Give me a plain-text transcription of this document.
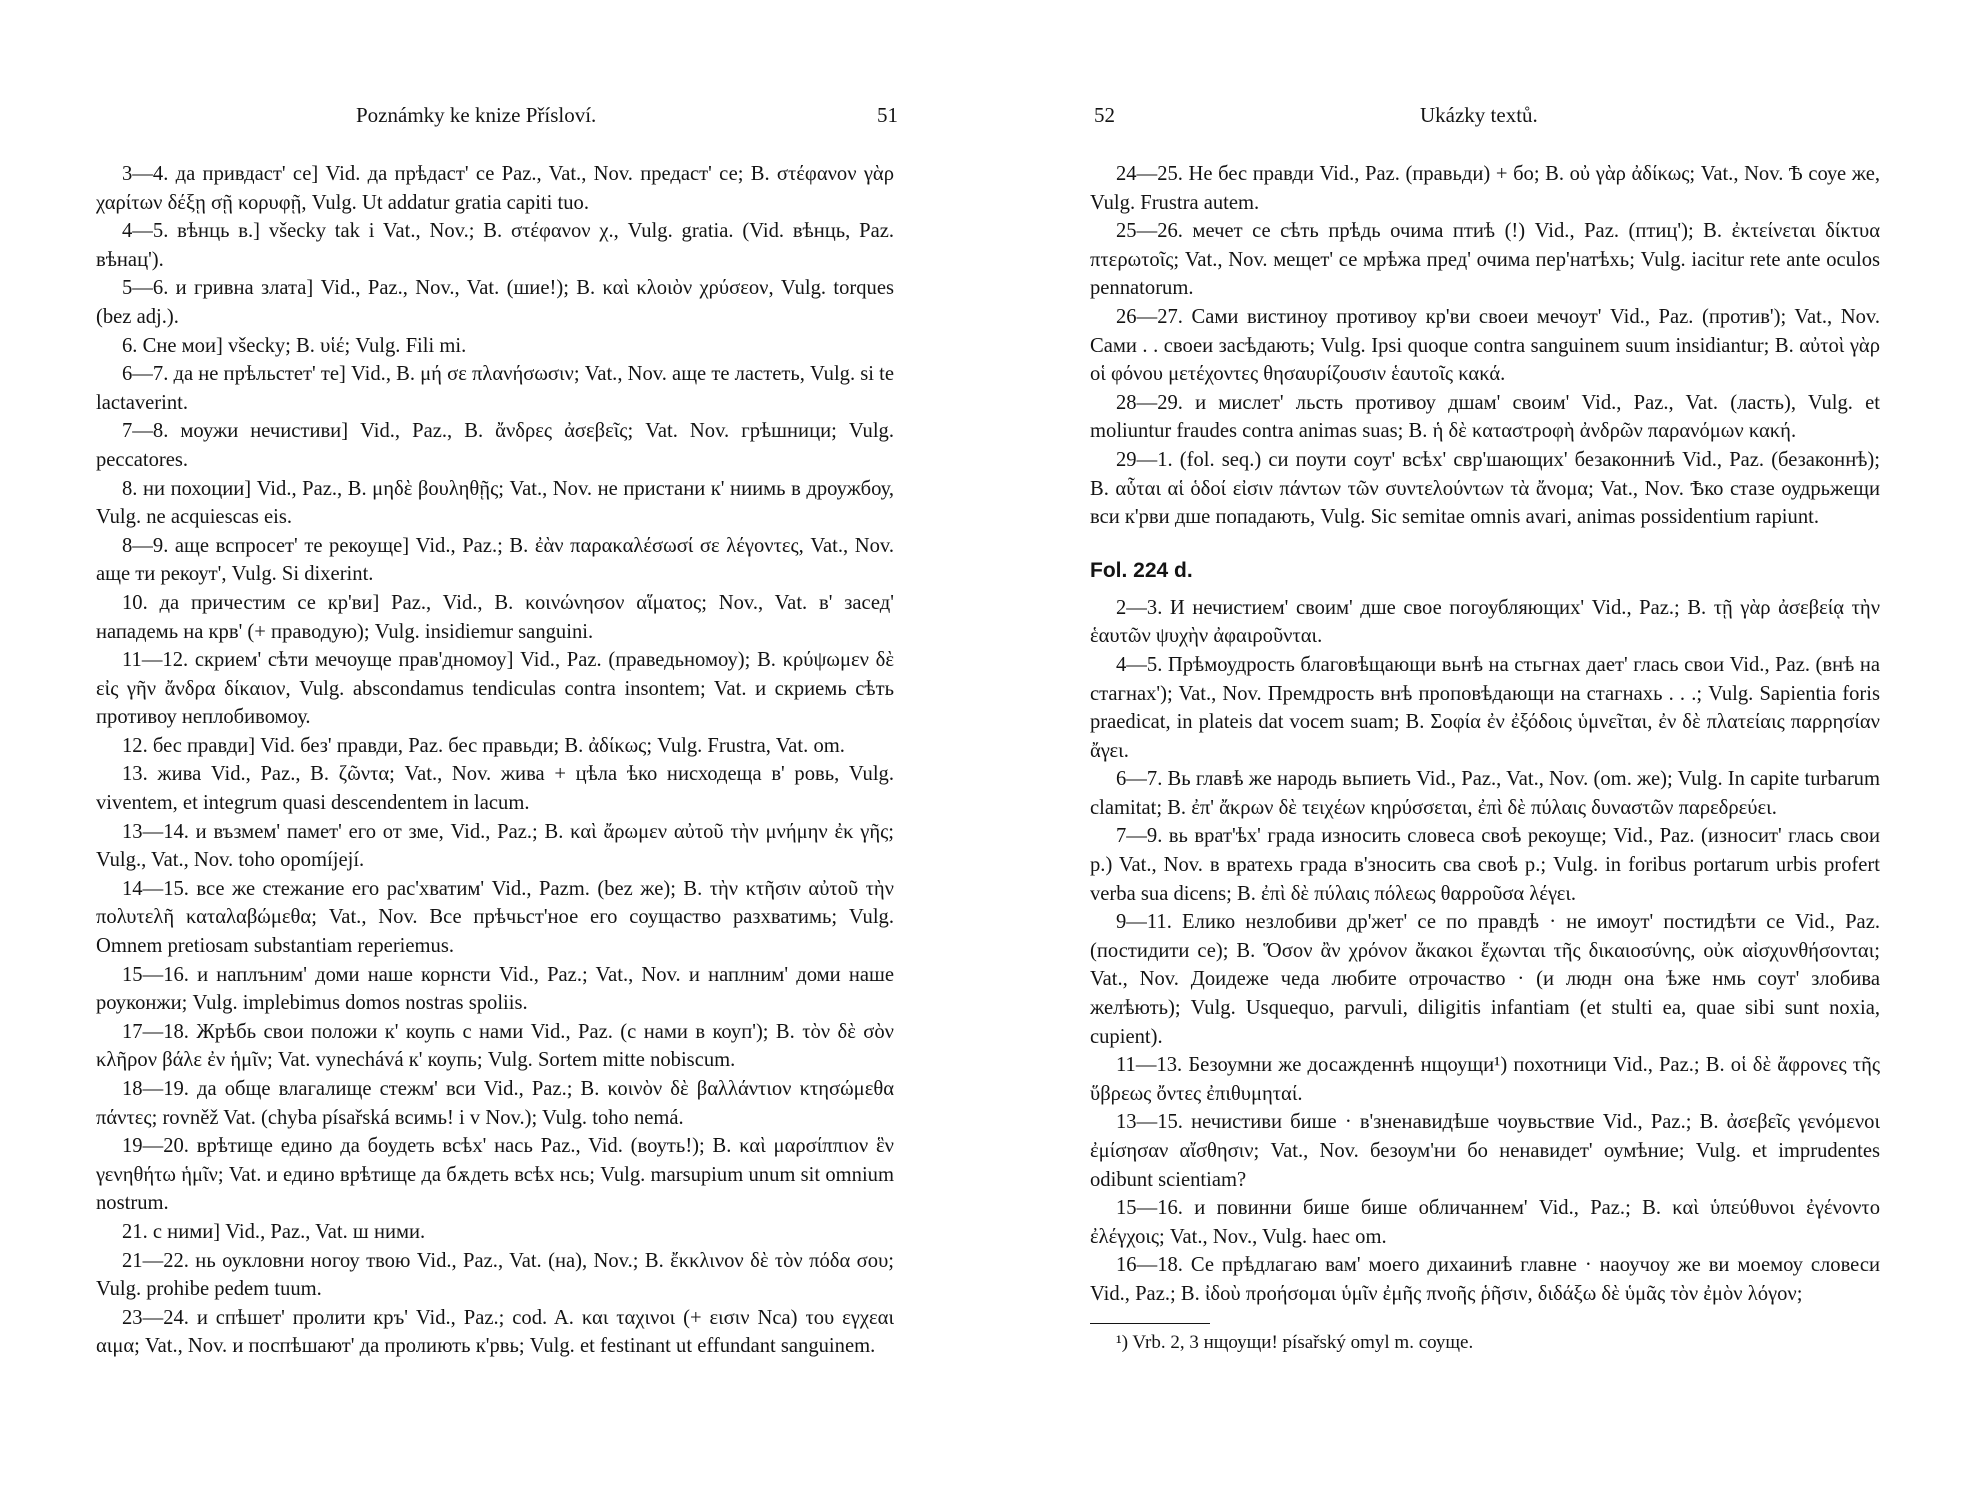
Poznámky ke knize Přísloví.	51

3—4. да привдаст' се] Vid. да прѣдаст' се Paz., Vat., Nov. предаст' се; B. στέφανον γὰρ χαρίτων δέξῃ σῇ κορυφῇ, Vulg. Ut addatur gratia capiti tuo.

4—5. вѣнць в.] všecky tak i Vat., Nov.; B. στέφανον χ., Vulg. gratia. (Vid. вѣнць, Paz. вѣнац').

5—6. и гривна злата] Vid., Paz., Nov., Vat. (шие!); B. καὶ κλοιὸν χρύσεον, Vulg. torques (bez adj.).

6. Сне мои] všecky; B. υἱέ; Vulg. Fili mi.

6—7. да не прѣльстет' те] Vid., B. μή σε πλανήσωσιν; Vat., Nov. аще те ластеть, Vulg. si te lactaverint.

7—8. моужи нечистиви] Vid., Paz., B. ἄνδρες ἀσεβεῖς; Vat. Nov. грѣшници; Vulg. peccatores.

8. ни похоции] Vid., Paz., B. μηδὲ βουληθῇς; Vat., Nov. не пристани к' ниимь в дроужбоу, Vulg. ne acquiescas eis.

8—9. аще вспросет' те рекоуще] Vid., Paz.; B. ἐὰν παρακαλέσωσί σε λέγοντες, Vat., Nov. аще ти рекоут', Vulg. Si dixerint.

10. да причестим се кр'ви] Paz., Vid., B. κοινώνησον αἵματος; Nov., Vat. в' засед' нападемь на крв' (+ праводую); Vulg. insidiemur sanguini.

11—12. скрием' сѣти мечоуще прав'дномоу] Vid., Paz. (праведьномоу); B. κρύψωμεν δὲ εἰς γῆν ἄνδρα δίκαιον, Vulg. abscondamus tendiculas contra insontem; Vat. и скриемь сѣть противоу неплобивомоу.

12. бес правди] Vid. без' правди, Paz. бес правьди; B. ἀδίκως; Vulg. Frustra, Vat. om.

13. жива Vid., Paz., B. ζῶντα; Vat., Nov. жива + цѣла ѣко нисходеща в' ровь, Vulg. viventem, et integrum quasi descendentem in lacum.

13—14. и възмем' памет' его от зме, Vid., Paz.; B. καὶ ἄρωμεν αὐτοῦ τὴν μνήμην ἐκ γῆς; Vulg., Vat., Nov. toho opomíjejí.

14—15. все же стежание его рас'хватим' Vid., Pazm. (bez же); B. τὴν κτῆσιν αὐτοῦ τὴν πολυτελῆ καταλαβώμεθα; Vat., Nov. Все прѣчьст'ное его соущаство разхватимь; Vulg. Omnem pretiosam substantiam reperiemus.

15—16. и наплъним' доми наше корнсти Vid., Paz.; Vat., Nov. и наплним' доми наше роуконжи; Vulg. implebimus domos nostras spoliis.

17—18. Жрѣбь свои положи к' коупь с нами Vid., Paz. (с нами в коуп'); B. τὸν δὲ σὸν κλῆρον βάλε ἐν ἡμῖν; Vat. vynechává к' коупь; Vulg. Sortem mitte nobiscum.

18—19. да обще влагалище стежм' вси Vid., Paz.; B. κοινὸν δὲ βαλλάντιον κτησώμεθα πάντες; rovněž Vat. (chyba písařská всимь! i v Nov.); Vulg. toho nemá.

19—20. врѣтище едино да боудеть всѣх' нась Paz., Vid. (воуть!); B. καὶ μαρσίππιον ἓν γενηθήτω ἡμῖν; Vat. и едино врѣтище да бѫдеть всѣх нсь; Vulg. marsupium unum sit omnium nostrum.

21. с ними] Vid., Paz., Vat. ш ними.

21—22. нь оукловни ногоу твою Vid., Paz., Vat. (на), Nov.; B. ἔκκλινον δὲ τὸν πόδα σου; Vulg. prohibe pedem tuum.

23—24. и спѣшет' пролити кръ' Vid., Paz.; cod. A. και ταχινοι (+ εισιν Nca) του εγχεαι αιμα; Vat., Nov. и поспѣшают' да пролиють к'рвь; Vulg. et festinant ut effundant sanguinem.

52	Ukázky textů.

24—25. Не бес правди Vid., Paz. (правьди) + бо; B. οὐ γὰρ ἀδίκως; Vat., Nov. Ѣ соуе же, Vulg. Frustra autem.

25—26. мечет се сѣть прѣдь очима птиѣ (!) Vid., Paz. (птиц'); B. ἐκτείνεται δίκτυα πτερωτοῖς; Vat., Nov. мещет' се мрѣжа пред' очима пер'натѣхь; Vulg. iacitur rete ante oculos pennatorum.

26—27. Сами вистиноу противоу кр'ви своеи мечоут' Vid., Paz. (против'); Vat., Nov. Сами . . своеи засѣдають; Vulg. Ipsi quoque contra sanguinem suum insidiantur; B. αὐτοὶ γὰρ οἱ φόνου μετέχοντες θησαυρίζουσιν ἑαυτοῖς κακά.

28—29. и мислет' льсть противоу дшам' своим' Vid., Paz., Vat. (ласть), Vulg. et moliuntur fraudes contra animas suas; B. ἡ δὲ καταστροφὴ ἀνδρῶν παρανόμων κακή.

29—1. (fol. seq.) си поути соут' всѣх' свр'шающих' безаконниѣ Vid., Paz. (безаконнѣ); B. αὗται αἱ ὁδοί εἰσιν πάντων τῶν συντελούντων τὰ ἄνομα; Vat., Nov. Ѣко стазе оудрьжещи вси к'рви дше попадають, Vulg. Sic semitae omnis avari, animas possidentium rapiunt.

Fol. 224 d.

2—3. И нечистием' своим' дше свое погоубляющих' Vid., Paz.; B. τῇ γὰρ ἀσεβείᾳ τὴν ἑαυτῶν ψυχὴν ἀφαιροῦνται.

4—5. Прѣмоудрость благовѣщающи вьнѣ на стьгнах дает' глась свои Vid., Paz. (внѣ на стагнах'); Vat., Nov. Премдрость внѣ проповѣдающи на стагнахь . . .; Vulg. Sapientia foris praedicat, in plateis dat vocem suam; B. Σοφία ἐν ἐξόδοις ὑμνεῖται, ἐν δὲ πλατείαις παρρησίαν ἄγει.

6—7. Вь главѣ же народь вьпиеть Vid., Paz., Vat., Nov. (om. же); Vulg. In capite turbarum clamitat; B. ἐπ' ἄκρων δὲ τειχέων κηρύσσεται, ἐπὶ δὲ πύλαις δυναστῶν παρεδρεύει.

7—9. вь врат'ѣх' града износить словеса своѣ рекоуще; Vid., Paz. (износит' глась свои р.) Vat., Nov. в вратехь града в'зносить сва своѣ р.; Vulg. in foribus portarum urbis profert verba sua dicens; B. ἐπὶ δὲ πύλαις πόλεως θαρροῦσα λέγει.

9—11. Елико незлобиви др'жет' се по правдѣ · не имоут' постидѣти се Vid., Paz. (постидити се); B. Ὅσον ἂν χρόνον ἄκακοι ἔχωνται τῆς δικαιοσύνης, οὐκ αἰσχυνθήσονται; Vat., Nov. Доидеже чеда любите отрочаство · (и людн она ѣже нмь соут' злобива желѣють); Vulg. Usquequo, parvuli, diligitis infantiam (et stulti ea, quae sibi sunt noxia, cupient).

11—13. Безоумни же досажденнѣ нщоущи¹) похотници Vid., Paz.; B. οἱ δὲ ἄφρονες τῆς ὕβρεως ὄντες ἐπιθυμηταί.

13—15. нечистиви бише · в'зненавидѣше чоувьствие Vid., Paz.; B. ἀσεβεῖς γενόμενοι ἐμίσησαν αἴσθησιν; Vat., Nov. безоум'ни бо ненавидет' оумѣние; Vulg. et imprudentes odibunt scientiam?

15—16. и повинни бише бише обличаннем' Vid., Paz.; B. καὶ ὑπεύθυνοι ἐγένοντο ἐλέγχοις; Vat., Nov., Vulg. haec om.

16—18. Се прѣдлагаю вам' моего дихаиниѣ главне · наоучоу же ви моемоу словеси Vid., Paz.; B. ἰδοὺ προήσομαι ὑμῖν ἐμῆς πνοῆς ῥῆσιν, διδάξω δὲ ὑμᾶς τὸν ἐμὸν λόγον;

¹) Vrb. 2, 3 нщоущи! písařský omyl m. соуще.
